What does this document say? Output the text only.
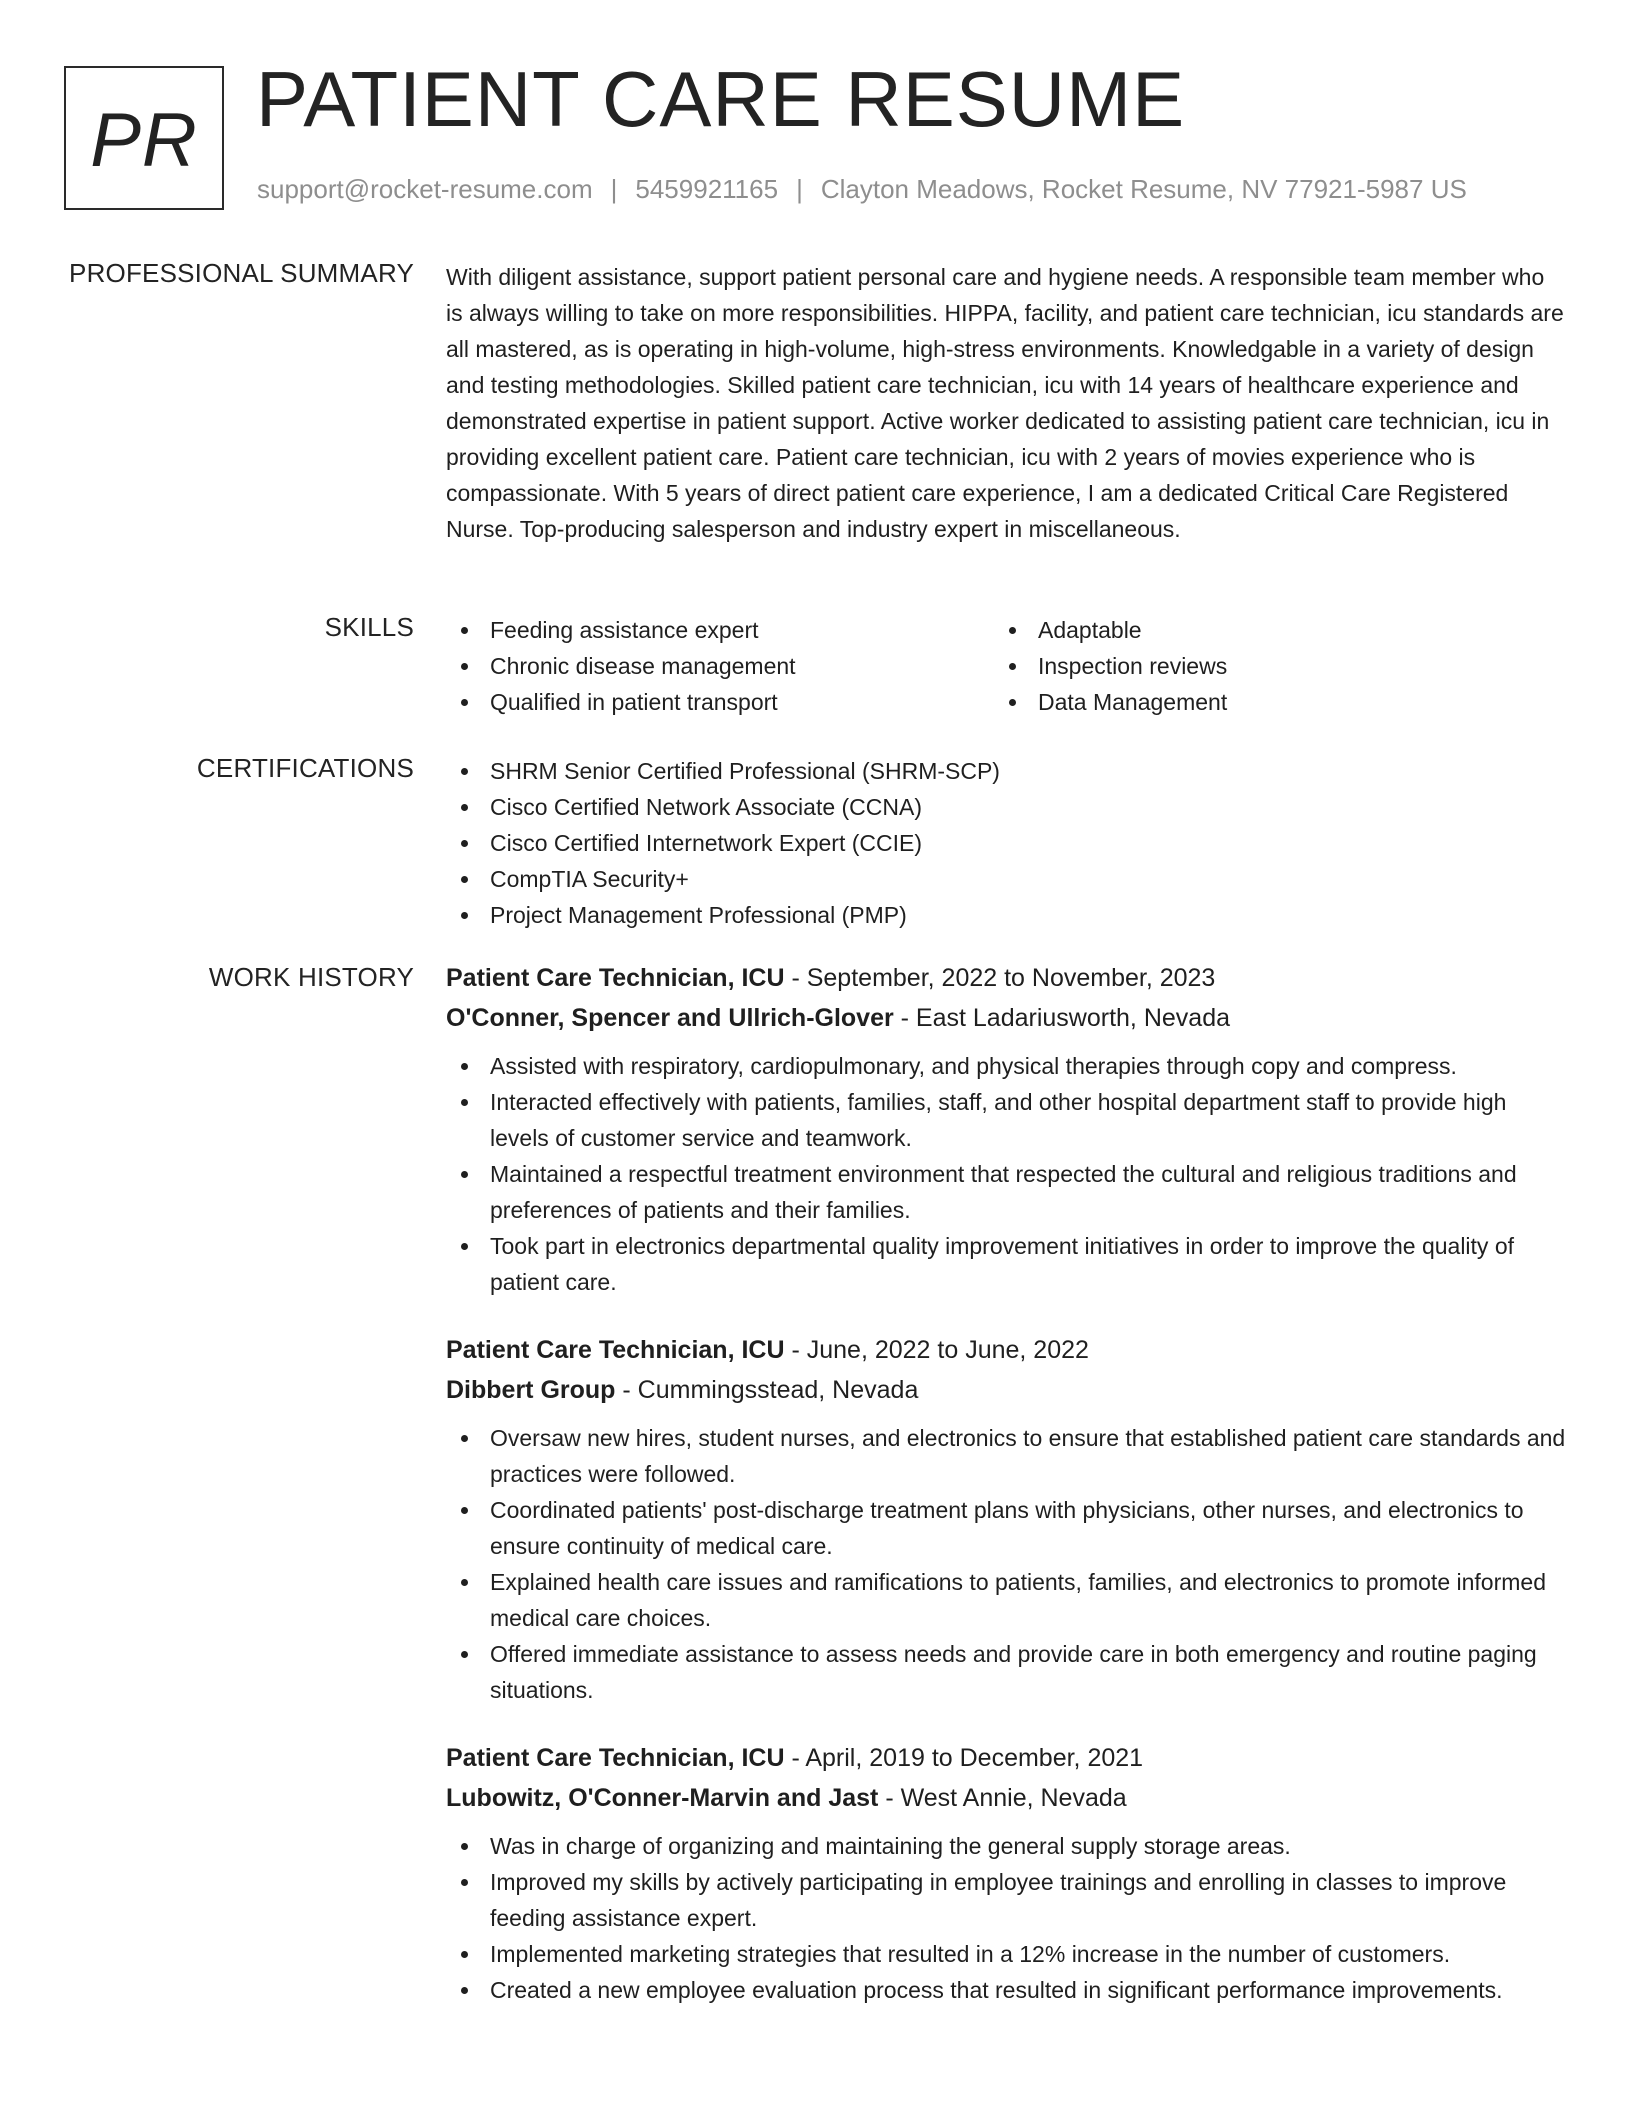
PR PATIENT CARE RESUME
support@rocket-resume.com | 5459921165 | Clayton Meadows, Rocket Resume, NV 77921-5987 US
PROFESSIONAL SUMMARY With diligent assistance, support patient personal care and hygiene needs. A responsible team member who is always willing to take on more responsibilities. HIPPA, facility, and patient care technician, icu standards are all mastered, as is operating in high-volume, high-stress environments. Knowledgable in a variety of design and testing methodologies. Skilled patient care technician, icu with 14 years of healthcare experience and demonstrated expertise in patient support. Active worker dedicated to assisting patient care technician, icu in providing excellent patient care. Patient care technician, icu with 2 years of movies experience who is compassionate. With 5 years of direct patient care experience, I am a dedicated Critical Care Registered Nurse. Top-producing salesperson and industry expert in miscellaneous.

SKILLS	Feeding assistance expert
Chronic disease management
Qualified in patient transport
Adaptable
Inspection reviews
Data Management
CERTIFICATIONS	SHRM Senior Certified Professional (SHRM-SCP)
Cisco Certified Network Associate (CCNA)
Cisco Certified Internetwork Expert (CCIE)
CompTIA Security+
Project Management Professional (PMP)
WORK HISTORY Patient Care Technician, ICU - September, 2022 to November, 2023
O'Conner, Spencer and Ullrich-Glover - East Ladariusworth, Nevada
Assisted with respiratory, cardiopulmonary, and physical therapies through copy and compress.
Interacted effectively with patients, families, staff, and other hospital department staff to provide high levels of customer service and teamwork.
Maintained a respectful treatment environment that respected the cultural and religious traditions and preferences of patients and their families.
Took part in electronics departmental quality improvement initiatives in order to improve the quality of patient care.
Patient Care Technician, ICU - June, 2022 to June, 2022
Dibbert Group - Cummingsstead, Nevada
Oversaw new hires, student nurses, and electronics to ensure that established patient care standards and practices were followed.
Coordinated patients' post-discharge treatment plans with physicians, other nurses, and electronics to ensure continuity of medical care.
Explained health care issues and ramifications to patients, families, and electronics to promote informed medical care choices.
Offered immediate assistance to assess needs and provide care in both emergency and routine paging situations.
Patient Care Technician, ICU - April, 2019 to December, 2021
Lubowitz, O'Conner-Marvin and Jast - West Annie, Nevada
Was in charge of organizing and maintaining the general supply storage areas.
Improved my skills by actively participating in employee trainings and enrolling in classes to improve feeding assistance expert.
Implemented marketing strategies that resulted in a 12% increase in the number of customers.
Created a new employee evaluation process that resulted in significant performance improvements.
